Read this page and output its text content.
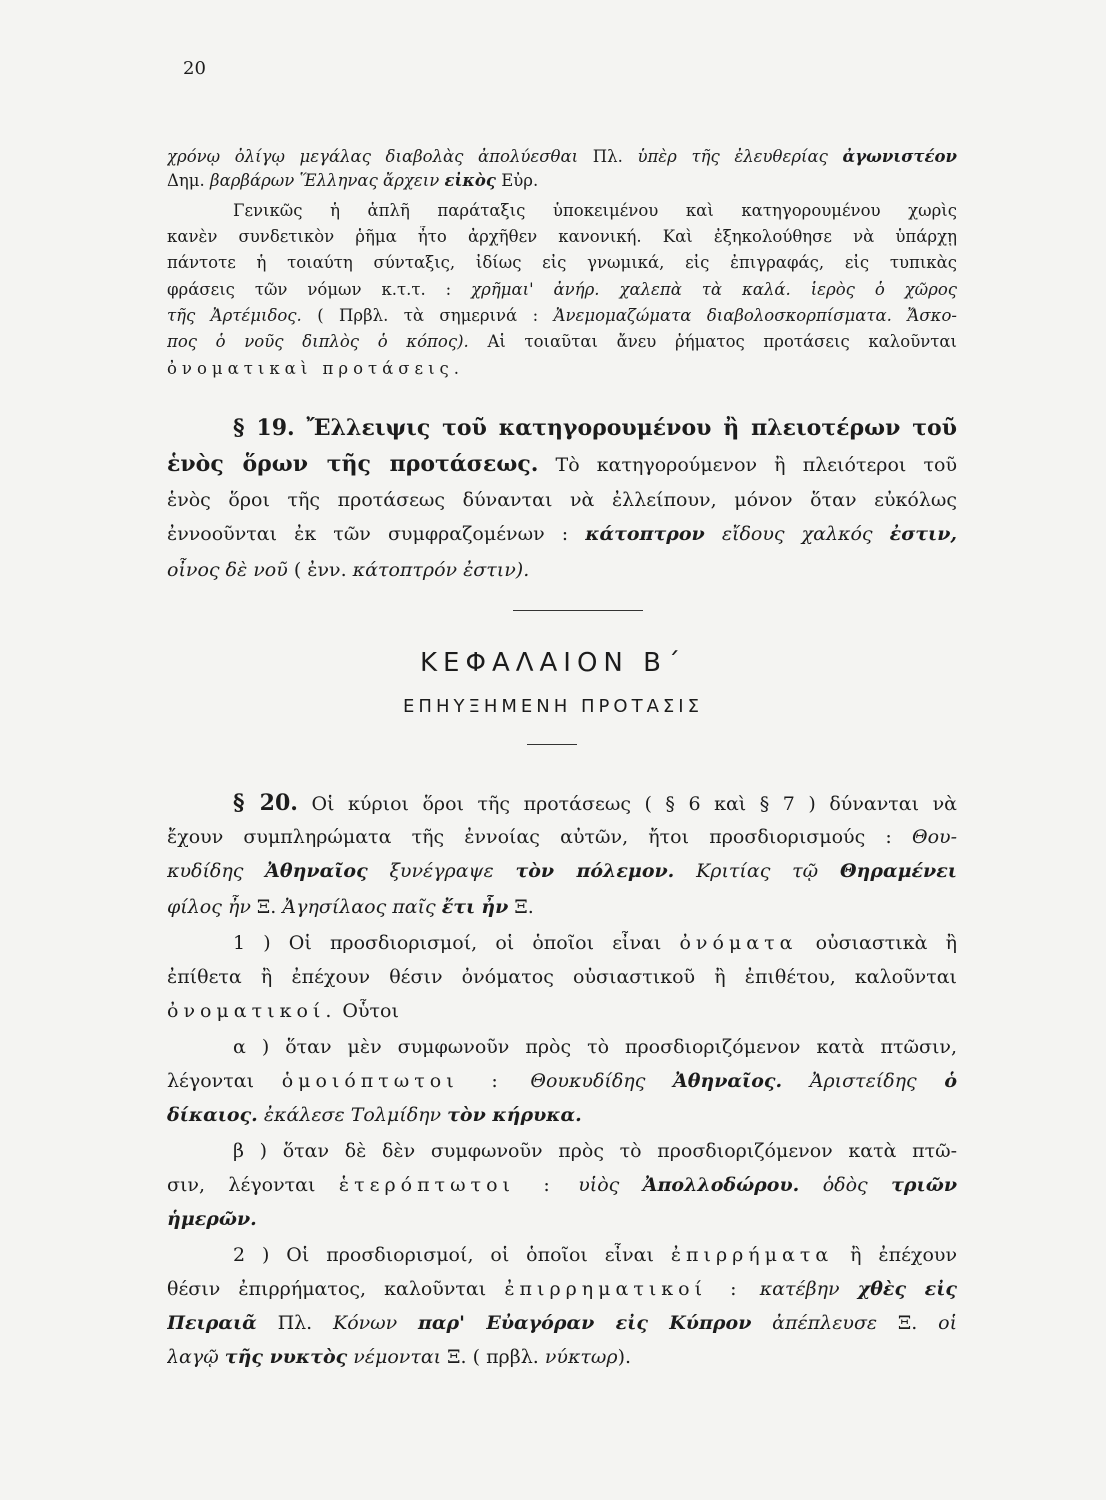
20
χρόνῳ ὀλίγῳ μεγάλας διαβολὰς ἀπολύεσθαι Πλ. ὑπὲρ τῆς ἐλευθερίας ἀγωνιστέον
Δημ. βαρβάρων Ἕλληνας ἄρχειν εἰκὸς Εὐρ.
Γενικῶς ἡ ἁπλῆ παράταξις ὑποκειμένου καὶ κατηγορουμένου χωρὶς
κανὲν συνδετικὸν ῥῆμα ἦτο ἀρχῆθεν κανονική. Καὶ ἐξηκολούθησε νὰ ὑπάρχῃ
πάντοτε ἡ τοιαύτη σύνταξις, ἰδίως εἰς γνωμικά, εἰς ἐπιγραφάς, εἰς τυπικὰς
φράσεις τῶν νόμων κ.τ.τ. : χρῆμαι' ἀνήρ. χαλεπὰ τὰ καλά. ἱερὸς ὁ χῶρος
τῆς Ἀρτέμιδος. ( Πρβλ. τὰ σημερινά : Ἀνεμομαζώματα διαβολοσκορπίσματα. Ἄσκο-
πος ὁ νοῦς διπλὸς ὁ κόπος). Αἱ τοιαῦται ἄνευ ῥήματος προτάσεις καλοῦνται
ὀνοματικαὶ προτάσεις.
§ 19. Ἔλλειψις τοῦ κατηγορουμένου ἢ πλειοτέρων τοῦ
ἑνὸς ὅρων τῆς προτάσεως. Τὸ κατηγορούμενον ἢ πλειότεροι τοῦ
ἑνὸς ὅροι τῆς προτάσεως δύνανται νὰ ἐλλείπουν, μόνον ὅταν εὐκόλως
ἐννοοῦνται ἐκ τῶν συμφραζομένων : κάτοπτρον εἴδους χαλκός ἐστιν,
οἶνος δὲ νοῦ ( ἐνν. κάτοπτρόν ἐστιν).
ΚΕΦΑΛΑΙΟΝ Β΄
ΕΠΗΥΞΗΜΕΝΗ ΠΡΟΤΑΣΙΣ
§ 20. Οἱ κύριοι ὅροι τῆς προτάσεως ( § 6 καὶ § 7 ) δύνανται νὰ
ἔχουν συμπληρώματα τῆς ἐννοίας αὐτῶν, ἤτοι προσδιορισμούς : Θου-
κυδίδης Ἀθηναῖος ξυνέγραψε τὸν πόλεμον. Κριτίας τῷ Θηραμένει
φίλος ἦν Ξ. Ἀγησίλαος παῖς ἔτι ἦν Ξ.
1 ) Οἱ προσδιορισμοί, οἱ ὁποῖοι εἶναι ὀνόματα οὐσιαστικὰ ἢ
ἐπίθετα ἢ ἐπέχουν θέσιν ὀνόματος οὐσιαστικοῦ ἢ ἐπιθέτου, καλοῦνται
ὀνοματικοί. Οὗτοι
α ) ὅταν μὲν συμφωνοῦν πρὸς τὸ προσδιοριζόμενον κατὰ πτῶσιν,
λέγονται ὁμοιόπτωτοι : Θουκυδίδης Ἀθηναῖος. Ἀριστείδης ὁ
δίκαιος. ἐκάλεσε Τολμίδην τὸν κήρυκα.
β ) ὅταν δὲ δὲν συμφωνοῦν πρὸς τὸ προσδιοριζόμενον κατὰ πτῶ-
σιν, λέγονται ἑτερόπτωτοι : υἱὸς Ἀπολλοδώρου. ὁδὸς τριῶν
ἡμερῶν.
2 ) Οἱ προσδιορισμοί, οἱ ὁποῖοι εἶναι ἐπιρρήματα ἢ ἐπέχουν
θέσιν ἐπιρρήματος, καλοῦνται ἐπιρρηματικοί : κατέβην χθὲς εἰς
Πειραιᾶ Πλ. Κόνων παρ' Εὐαγόραν εἰς Κύπρον ἀπέπλευσε Ξ. οἱ
λαγῷ τῆς νυκτὸς νέμονται Ξ. ( πρβλ. νύκτωρ).
